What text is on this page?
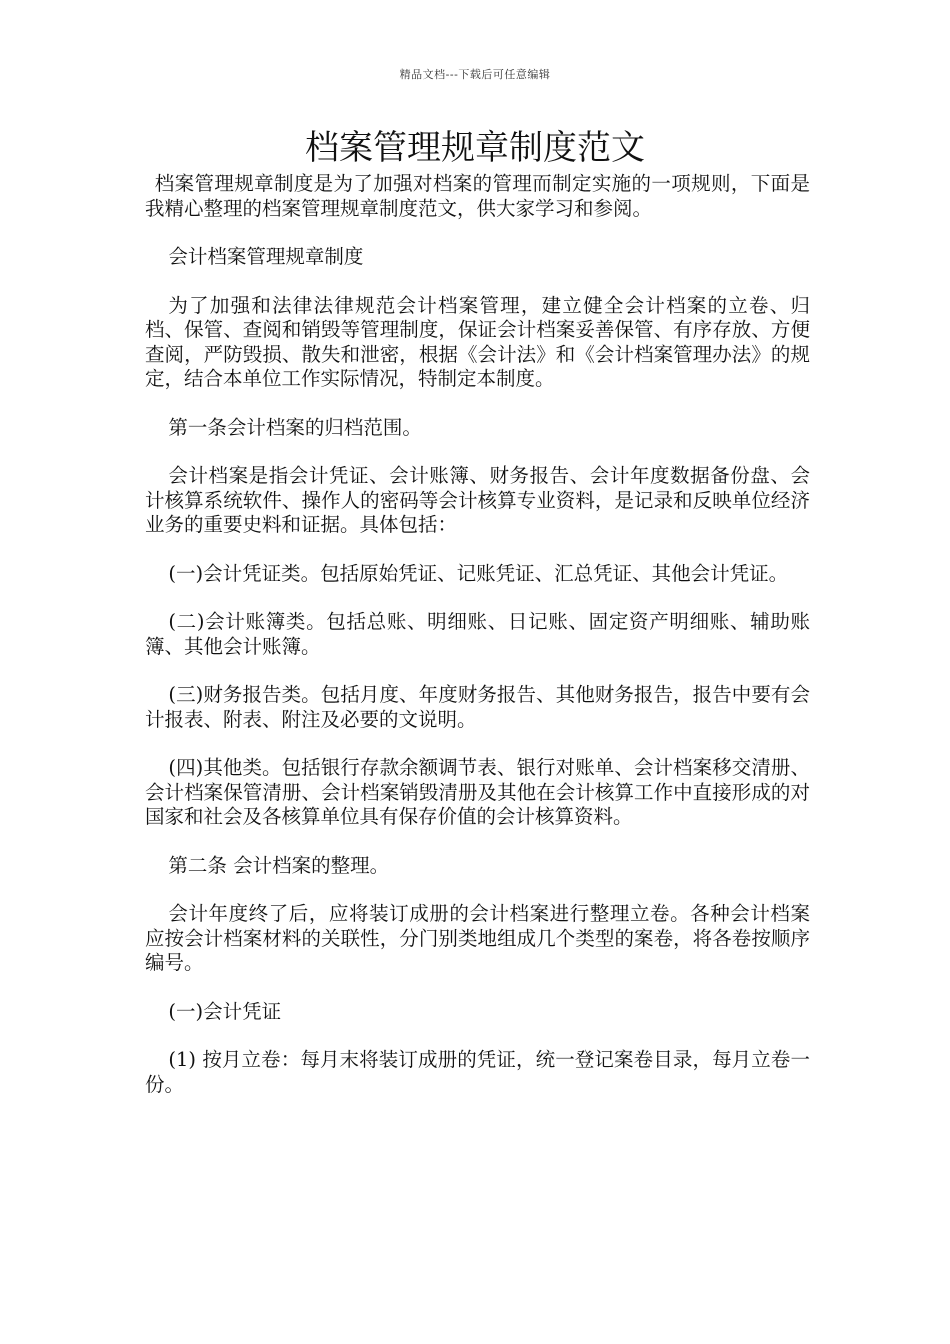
精品文档---下载后可任意编辑
档案管理规章制度范文

档案管理规章制度是为了加强对档案的管理而制定实施的一项规则，下面是我精心整理的档案管理规章制度范文，供大家学习和参阅。

会计档案管理规章制度

为了加强和法律法律规范会计档案管理，建立健全会计档案的立卷、归档、保管、查阅和销毁等管理制度，保证会计档案妥善保管、有序存放、方便查阅，严防毁损、散失和泄密，根据《会计法》和《会计档案管理办法》的规定，结合本单位工作实际情况，特制定本制度。

第一条会计档案的归档范围。

会计档案是指会计凭证、会计账簿、财务报告、会计年度数据备份盘、会计核算系统软件、操作人的密码等会计核算专业资料，是记录和反映单位经济业务的重要史料和证据。具体包括：

(一)会计凭证类。包括原始凭证、记账凭证、汇总凭证、其他会计凭证。

(二)会计账簿类。包括总账、明细账、日记账、固定资产明细账、辅助账簿、其他会计账簿。

(三)财务报告类。包括月度、年度财务报告、其他财务报告，报告中要有会计报表、附表、附注及必要的文说明。

(四)其他类。包括银行存款余额调节表、银行对账单、会计档案移交清册、会计档案保管清册、会计档案销毁清册及其他在会计核算工作中直接形成的对国家和社会及各核算单位具有保存价值的会计核算资料。

第二条 会计档案的整理。

会计年度终了后，应将装订成册的会计档案进行整理立卷。各种会计档案应按会计档案材料的关联性，分门别类地组成几个类型的案卷，将各卷按顺序编号。

(一)会计凭证

(1) 按月立卷：每月末将装订成册的凭证，统一登记案卷目录，每月立卷一份。
